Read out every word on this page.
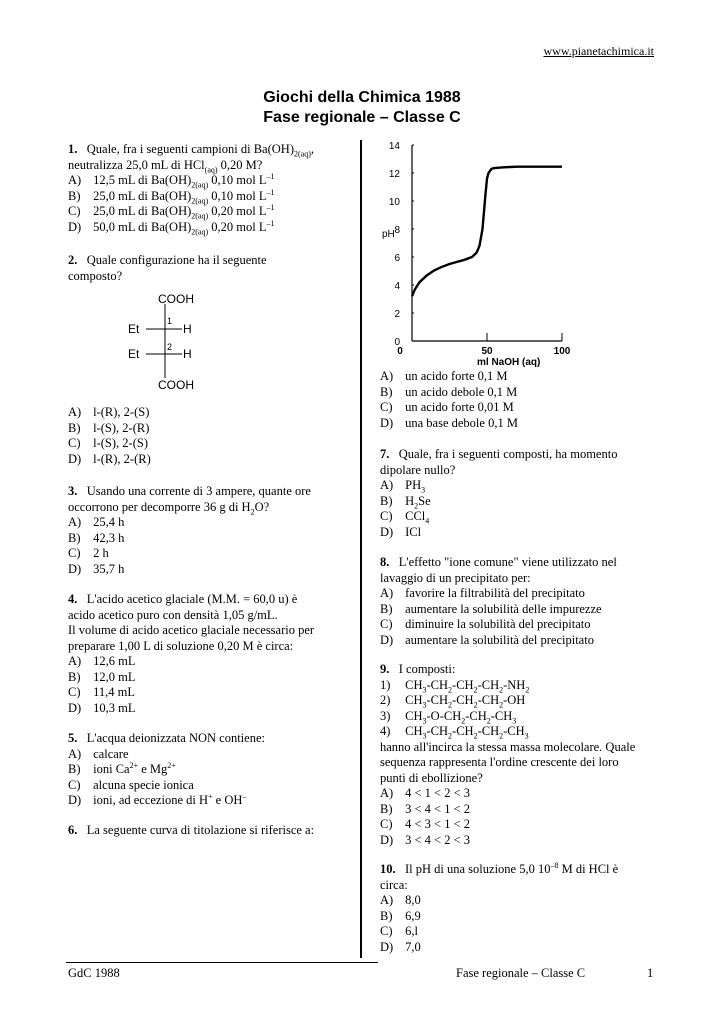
www.pianetachimica.it
Giochi della Chimica 1988
Fase regionale – Classe C

1. Quale, fra i seguenti campioni di $Ba(OH)_{2(aq)}$,

neutralizza 25,0 mL di HCl$_{(aq)}$ 0,20 M?

A) 12,5 mL di $Ba(OH)_{2(aq)}$ 0,10 mol $L^{-1}$

B) 25,0 mL di $Ba(OH)_{2(aq)}$ 0,10 mol $L^{-1}$

C) 25,0 mL di $Ba(OH)_{2(aq)}$ 0,20 mol $L^{-1}$

D) 50,0 mL di $Ba(OH)_{2(aq)}$ 0,20 mol $L^{-1}$

2. Quale configurazione ha il seguente

composto?

COOH
COOH
Et	H
Et	H
1
2

A) l-(R), 2-(S)

B) l-(S), 2-(R)

C) l-(S), 2-(S)

D) l-(R), 2-(R)

3. Usando una corrente di 3 ampere, quante ore

occorrono per decomporre 36 g di $H_2O$?

A) 25,4 h

B) 42,3 h

C) 2 h

D) 35,7 h

4. L'acido acetico glaciale (M.M. = 60,0 u) è

acido acetico puro con densità 1,05 g/mL.

Il volume di acido acetico glaciale necessario per

preparare 1,00 L di soluzione 0,20 M è circa:

A) 12,6 mL

B) 12,0 mL

C) 11,4 mL

D) 10,3 mL

5. L'acqua deionizzata NON contiene:

A) calcare

B) ioni $Ca^{2+}$ e $Mg^{2+}$

C) alcuna specie ionica

D) ioni, ad eccezione di H+ e OH–

6. La seguente curva di titolazione si riferisce a:

0
2
4
6
8
10
12
14
0	50	100
pH
ml NaOH (aq)

A) un acido forte 0,1 M

B) un acido debole 0,1 M

C) un acido forte 0,01 M

D) una base debole 0,1 M

7. Quale, fra i seguenti composti, ha momento

dipolare nullo?

A) $PH_3$

B) $H_2Se$

C) CCl$_4$

D) ICl

8. L'effetto "ione comune" viene utilizzato nel

lavaggio di un precipitato per:

A) favorire la filtrabilità del precipitato

B) aumentare la solubilità delle impurezze

C) diminuire la solubilità del precipitato

D) aumentare la solubilità del precipitato

9. I composti:

1) $CH_3-CH_2-CH_2-CH_2-NH_2$

2) $CH_3-CH_2-CH_2-CH_2-OH$

3) $CH_3-O-CH_2-CH_2-CH_3$

4) $CH_3-CH_2-CH_2-CH_2-CH_3$

hanno all'incirca la stessa massa molecolare. Quale

sequenza rappresenta l'ordine crescente dei loro

punti di ebollizione?

A) 4 < 1 < 2 < 3

B) 3 < 4 < 1 < 2

C) 4 < 3 < 1 < 2

D) 3 < 4 < 2 < 3

10. Il pH di una soluzione 5,0 $10^{-8}$ M di HCl è

circa:

A) 8,0

B) 6,9

C) 6,l

D) 7,0

GdC 1988	Fase regionale – Classe C	1
